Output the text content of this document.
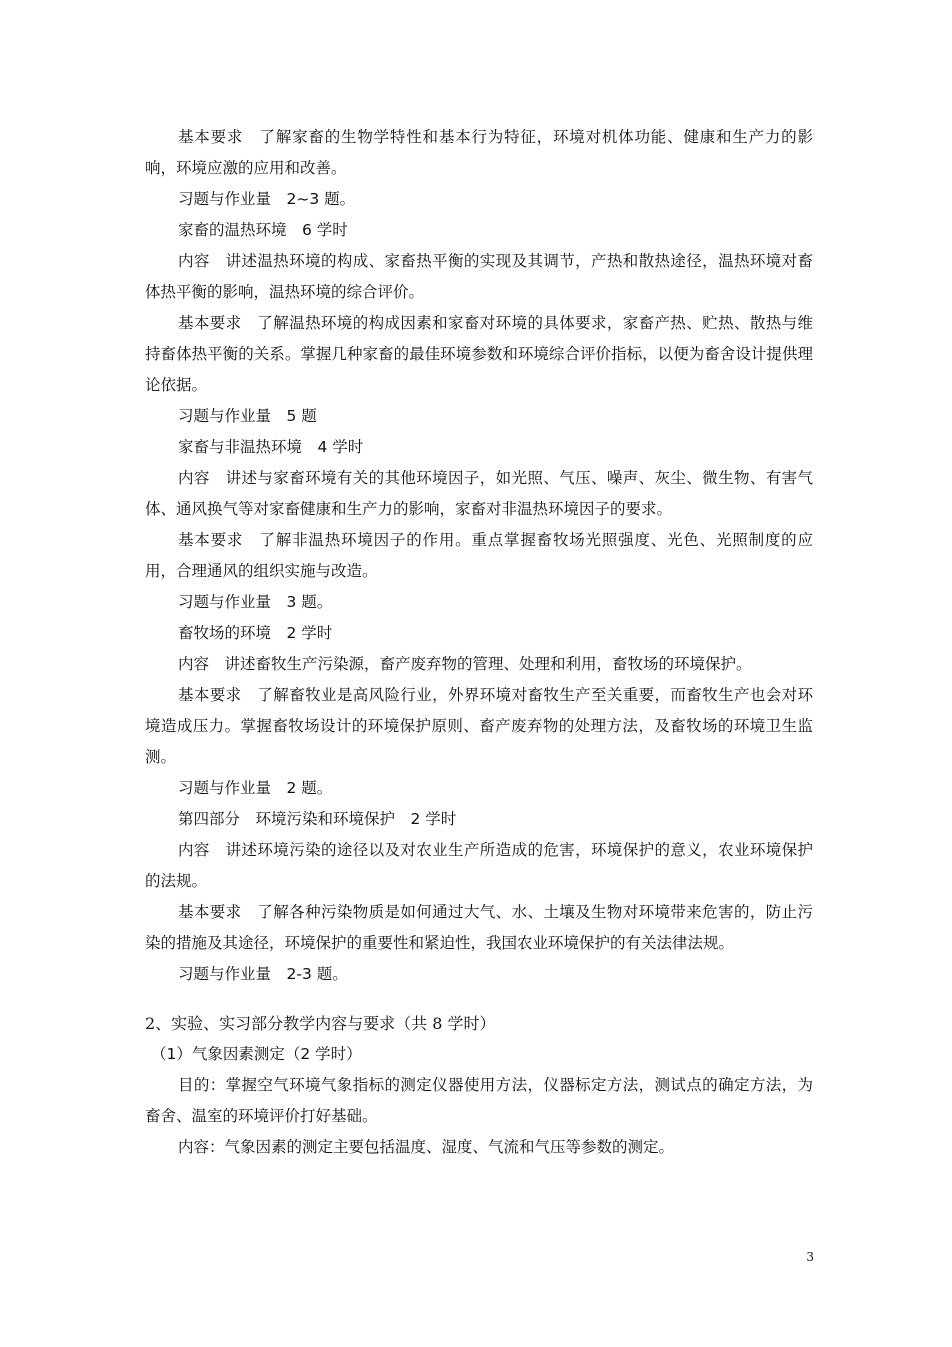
基本要求　了解家畜的生物学特性和基本行为特征，环境对机体功能、健康和生产力的影响，环境应激的应用和改善。

习题与作业量　2~3 题。

家畜的温热环境　6 学时

内容　讲述温热环境的构成、家畜热平衡的实现及其调节，产热和散热途径，温热环境对畜体热平衡的影响，温热环境的综合评价。

基本要求　了解温热环境的构成因素和家畜对环境的具体要求，家畜产热、贮热、散热与维持畜体热平衡的关系。掌握几种家畜的最佳环境参数和环境综合评价指标，以便为畜舍设计提供理论依据。

习题与作业量　5 题

家畜与非温热环境　4 学时

内容　讲述与家畜环境有关的其他环境因子，如光照、气压、噪声、灰尘、微生物、有害气体、通风换气等对家畜健康和生产力的影响，家畜对非温热环境因子的要求。

基本要求　了解非温热环境因子的作用。重点掌握畜牧场光照强度、光色、光照制度的应用，合理通风的组织实施与改造。

习题与作业量　3 题。

畜牧场的环境　2 学时

内容　讲述畜牧生产污染源，畜产废弃物的管理、处理和利用，畜牧场的环境保护。

基本要求　了解畜牧业是高风险行业，外界环境对畜牧生产至关重要，而畜牧生产也会对环境造成压力。掌握畜牧场设计的环境保护原则、畜产废弃物的处理方法，及畜牧场的环境卫生监测。

习题与作业量　2 题。

第四部分　环境污染和环境保护　2 学时

内容　讲述环境污染的途径以及对农业生产所造成的危害，环境保护的意义，农业环境保护的法规。

基本要求　了解各种污染物质是如何通过大气、水、土壤及生物对环境带来危害的，防止污染的措施及其途径，环境保护的重要性和紧迫性，我国农业环境保护的有关法律法规。

习题与作业量　2-3 题。

2、实验、实习部分教学内容与要求（共 8 学时）

（1）气象因素测定（2 学时）

目的：掌握空气环境气象指标的测定仪器使用方法，仪器标定方法，测试点的确定方法，为畜舍、温室的环境评价打好基础。

内容：气象因素的测定主要包括温度、湿度、气流和气压等参数的测定。

3
